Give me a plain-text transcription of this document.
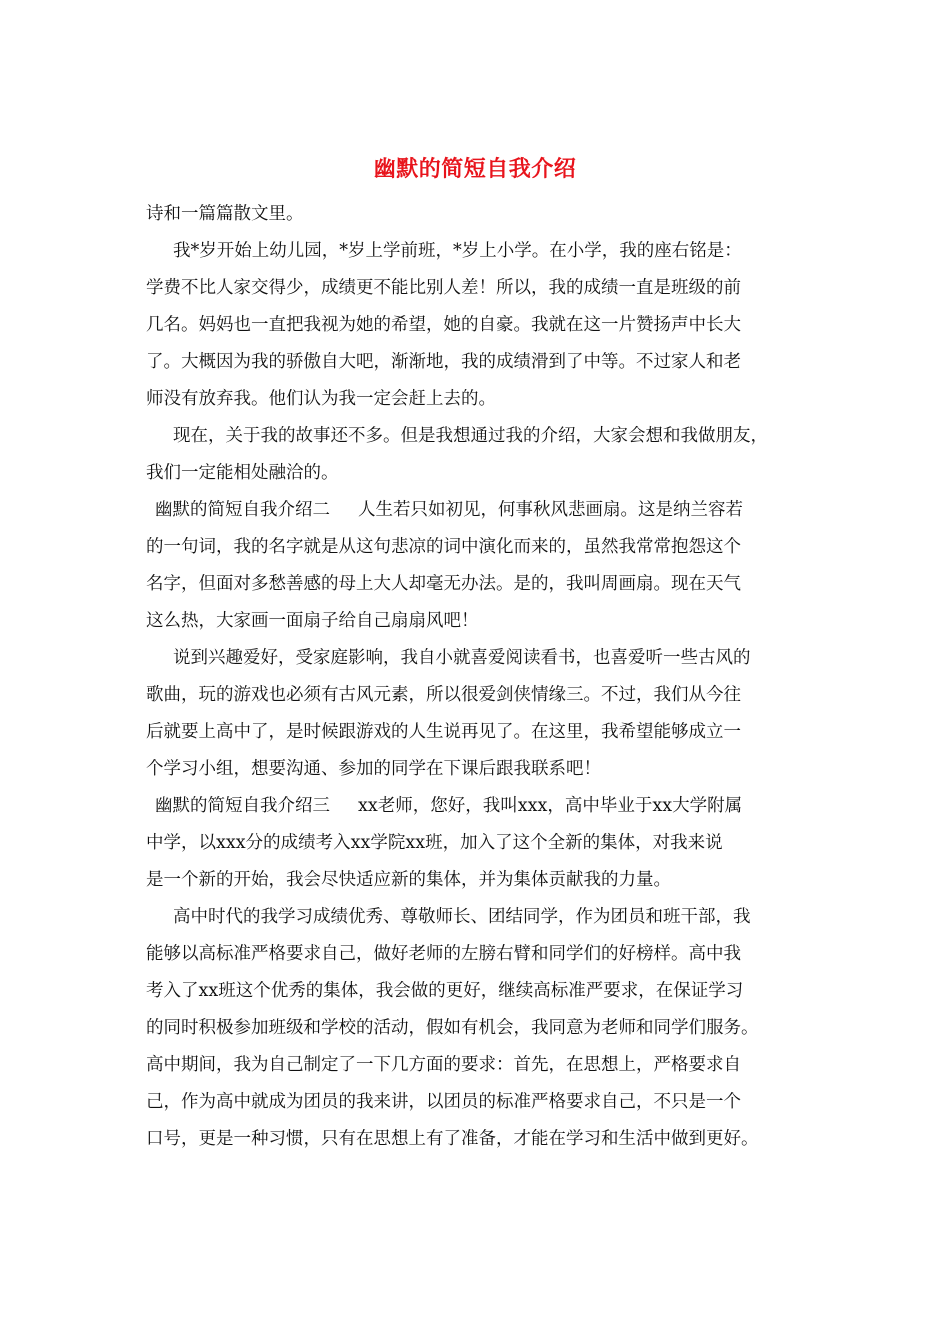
幽默的简短自我介绍
诗和一篇篇散文里。
我*岁开始上幼儿园，*岁上学前班，*岁上小学。在小学，我的座右铭是：
学费不比人家交得少，成绩更不能比别人差！所以，我的成绩一直是班级的前
几名。妈妈也一直把我视为她的希望，她的自豪。我就在这一片赞扬声中长大
了。大概因为我的骄傲自大吧，渐渐地，我的成绩滑到了中等。不过家人和老
师没有放弃我。他们认为我一定会赶上去的。
现在，关于我的故事还不多。但是我想通过我的介绍，大家会想和我做朋友，
我们一定能相处融洽的。
幽默的简短自我介绍二 人生若只如初见，何事秋风悲画扇。这是纳兰容若
的一句词，我的名字就是从这句悲凉的词中演化而来的，虽然我常常抱怨这个
名字，但面对多愁善感的母上大人却毫无办法。是的，我叫周画扇。现在天气
这么热，大家画一面扇子给自己扇扇风吧！
说到兴趣爱好，受家庭影响，我自小就喜爱阅读看书，也喜爱听一些古风的
歌曲，玩的游戏也必须有古风元素，所以很爱剑侠情缘三。不过，我们从今往
后就要上高中了，是时候跟游戏的人生说再见了。在这里，我希望能够成立一
个学习小组，想要沟通、参加的同学在下课后跟我联系吧！
幽默的简短自我介绍三 xx老师，您好，我叫xxx，高中毕业于xx大学附属
中学，以xxx分的成绩考入xx学院xx班，加入了这个全新的集体，对我来说
是一个新的开始，我会尽快适应新的集体，并为集体贡献我的力量。
高中时代的我学习成绩优秀、尊敬师长、团结同学，作为团员和班干部，我
能够以高标准严格要求自己，做好老师的左膀右臂和同学们的好榜样。高中我
考入了xx班这个优秀的集体，我会做的更好，继续高标准严要求，在保证学习
的同时积极参加班级和学校的活动，假如有机会，我同意为老师和同学们服务。
高中期间，我为自己制定了一下几方面的要求：首先，在思想上，严格要求自
己，作为高中就成为团员的我来讲，以团员的标准严格要求自己，不只是一个
口号，更是一种习惯，只有在思想上有了准备，才能在学习和生活中做到更好。
